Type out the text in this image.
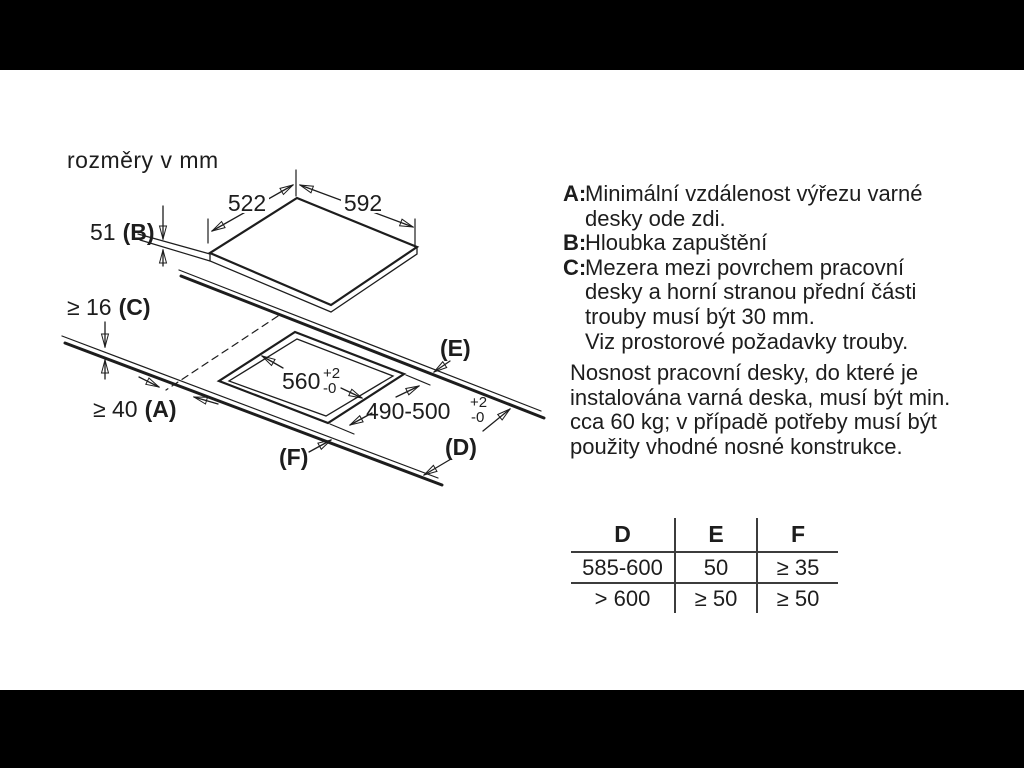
rozměry v mm
522	592
51 (B)
≥ 16 (C)
≥ 40 (A)
560 +2
-0
490-500 +2
-0
(E)
(D)
(F)
A:
Minimální vzdálenost výřezu varné
desky ode zdi.
B:
Hloubka zapuštění
C:
Mezera mezi povrchem pracovní
desky a horní stranou přední části
trouby musí být 30 mm.
Viz prostorové požadavky trouby.
Nosnost pracovní desky, do které je
instalována varná deska, musí být min.
cca 60 kg; v případě potřeby musí být
použity vhodné nosné konstrukce.
D	E	F
585-600	50	≥ 35
> 600	≥ 50	≥ 50
